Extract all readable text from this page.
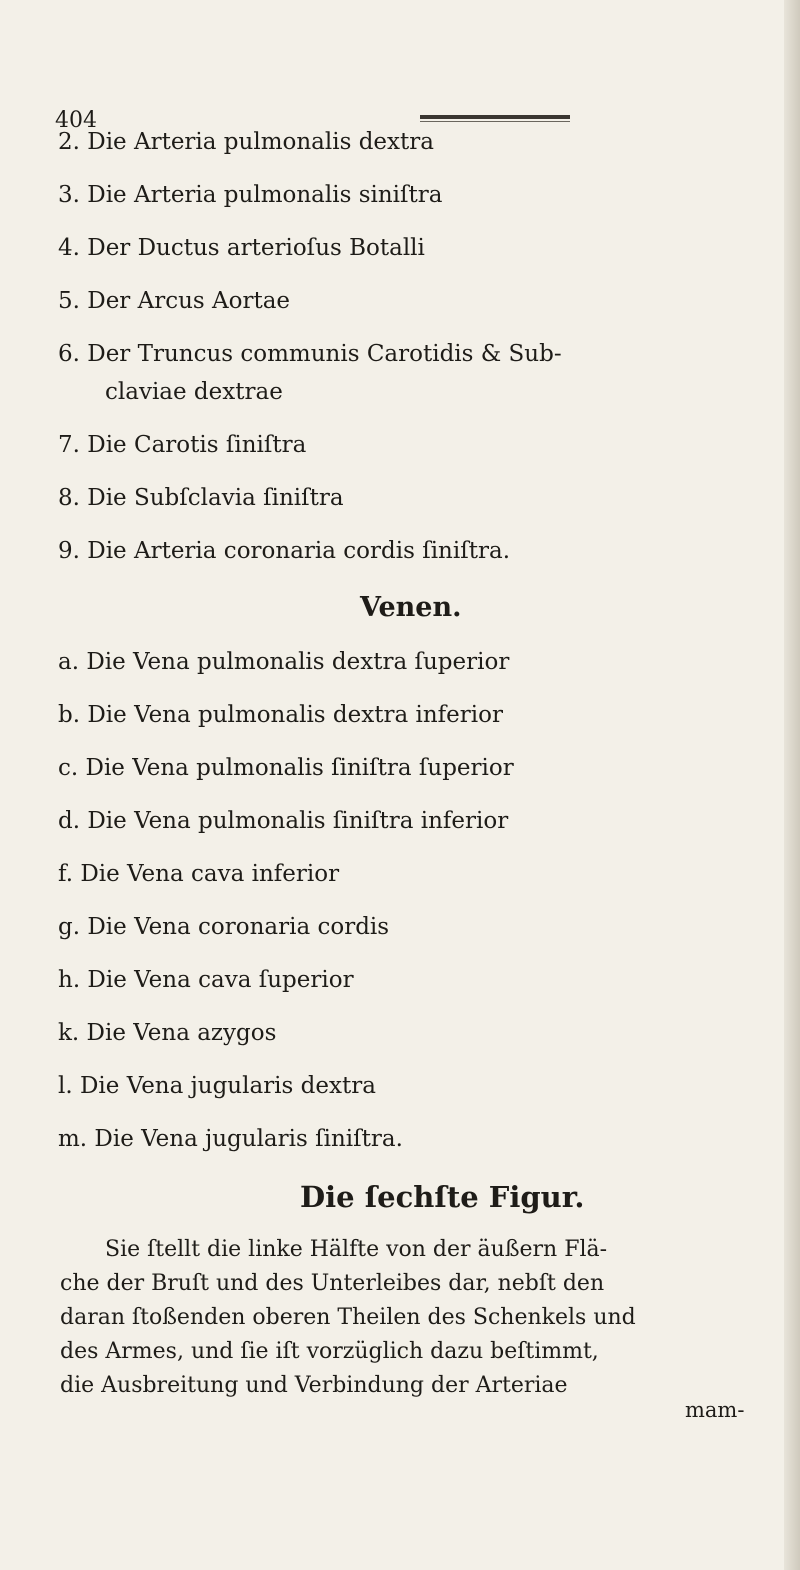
404
2. Die Arteria pulmonalis dextra
3. Die Arteria pulmonalis siniſtra
4. Der Ductus arterioſus Botalli
5. Der Arcus Aortae
6. Der Truncus communis Carotidis & Sub-
claviae dextrae
7. Die Carotis ſiniſtra
8. Die Subſclavia ſiniſtra
9. Die Arteria coronaria cordis ſiniſtra.
Venen.
a. Die Vena pulmonalis dextra ſuperior
b. Die Vena pulmonalis dextra inferior
c. Die Vena pulmonalis ſiniſtra ſuperior
d. Die Vena pulmonalis ſiniſtra inferior
f. Die Vena cava inferior
g. Die Vena coronaria cordis
h. Die Vena cava ſuperior
k. Die Vena azygos
l. Die Vena jugularis dextra
m. Die Vena jugularis ſiniſtra.
Die ſechſte Figur.
Sie ſtellt die linke Hälfte von der äußern Flä-
che der Bruſt und des Unterleibes dar, nebſt den
daran ſtoßenden oberen Theilen des Schenkels und
des Armes, und ſie iſt vorzüglich dazu beſtimmt,
die Ausbreitung und Verbindung der Arteriae
mam-
